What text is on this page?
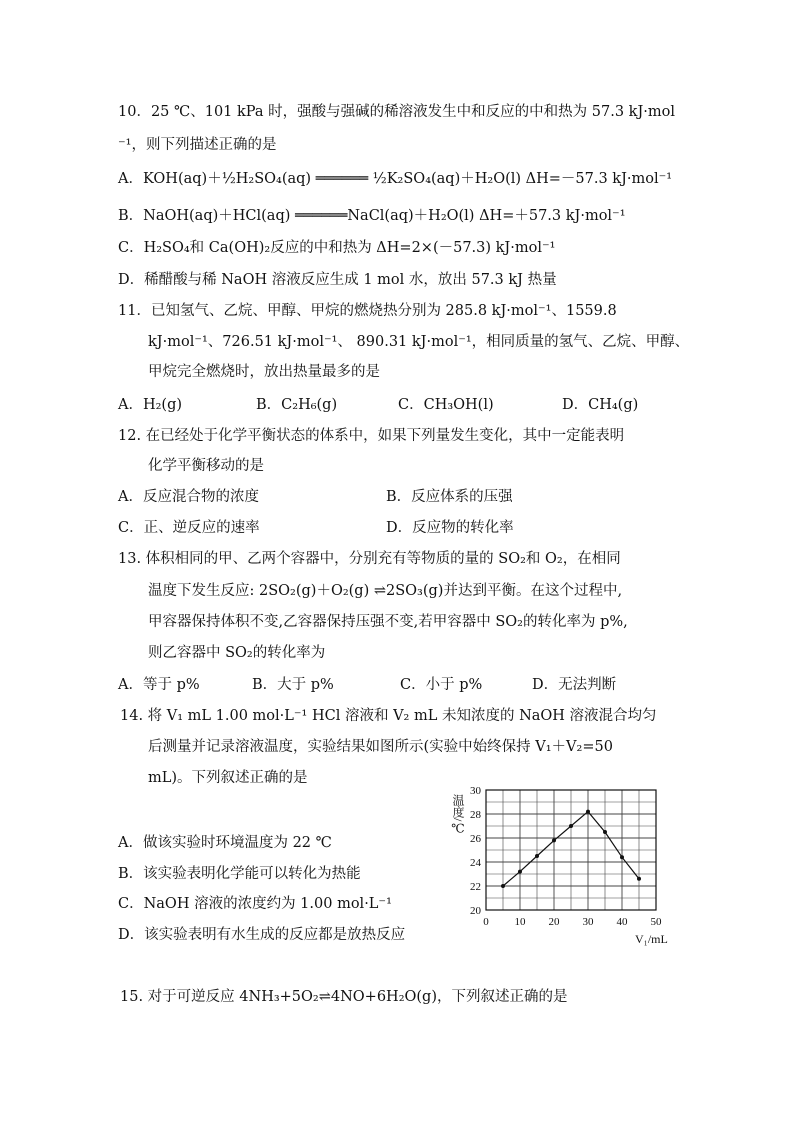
10．25 ℃、101 kPa 时，强酸与强碱的稀溶液发生中和反应的中和热为 57.3 kJ·mol
⁻¹，则下列描述正确的是
A．KOH(aq)＋½H₂SO₄(aq) ══════ ½K₂SO₄(aq)＋H₂O(l) ΔH=－57.3 kJ·mol⁻¹
B．NaOH(aq)＋HCl(aq) ══════NaCl(aq)＋H₂O(l) ΔH=＋57.3 kJ·mol⁻¹
C．H₂SO₄和 Ca(OH)₂反应的中和热为 ΔH=2×(－57.3) kJ·mol⁻¹
D．稀醋酸与稀 NaOH 溶液反应生成 1 mol 水，放出 57.3 kJ 热量
11．已知氢气、乙烷、甲醇、甲烷的燃烧热分别为 285.8 kJ·mol⁻¹、1559.8
kJ·mol⁻¹、726.51 kJ·mol⁻¹、 890.31 kJ·mol⁻¹，相同质量的氢气、乙烷、甲醇、
甲烷完全燃烧时，放出热量最多的是
A．H₂(g)	B．C₂H₆(g)	C．CH₃OH(l)	D．CH₄(g)
12. 在已经处于化学平衡状态的体系中，如果下列量发生变化，其中一定能表明
化学平衡移动的是
A．反应混合物的浓度	B．反应体系的压强
C．正、逆反应的速率	D．反应物的转化率
13. 体积相同的甲、乙两个容器中，分别充有等物质的量的 SO₂和 O₂，在相同
温度下发生反应: 2SO₂(g)＋O₂(g) ⇌2SO₃(g)并达到平衡。在这个过程中,
甲容器保持体积不变,乙容器保持压强不变,若甲容器中 SO₂的转化率为 p%,
则乙容器中 SO₂的转化率为
A．等于 p%	B．大于 p%	C．小于 p%	D．无法判断
14. 将 V₁ mL 1.00 mol·L⁻¹ HCl 溶液和 V₂ mL 未知浓度的 NaOH 溶液混合均匀
后测量并记录溶液温度，实验结果如图所示(实验中始终保持 V₁＋V₂=50
mL)。下列叙述正确的是
A．做该实验时环境温度为 22 ℃
B．该实验表明化学能可以转化为热能
C．NaOH 溶液的浓度约为 1.00 mol·L⁻¹
D．该实验表明有水生成的反应都是放热反应
0 10 20 30 40 50
20
22
24
26
28
30
温度/℃
V₁/mL
15. 对于可逆反应 4NH₃+5O₂⇌4NO+6H₂O(g)，下列叙述正确的是
